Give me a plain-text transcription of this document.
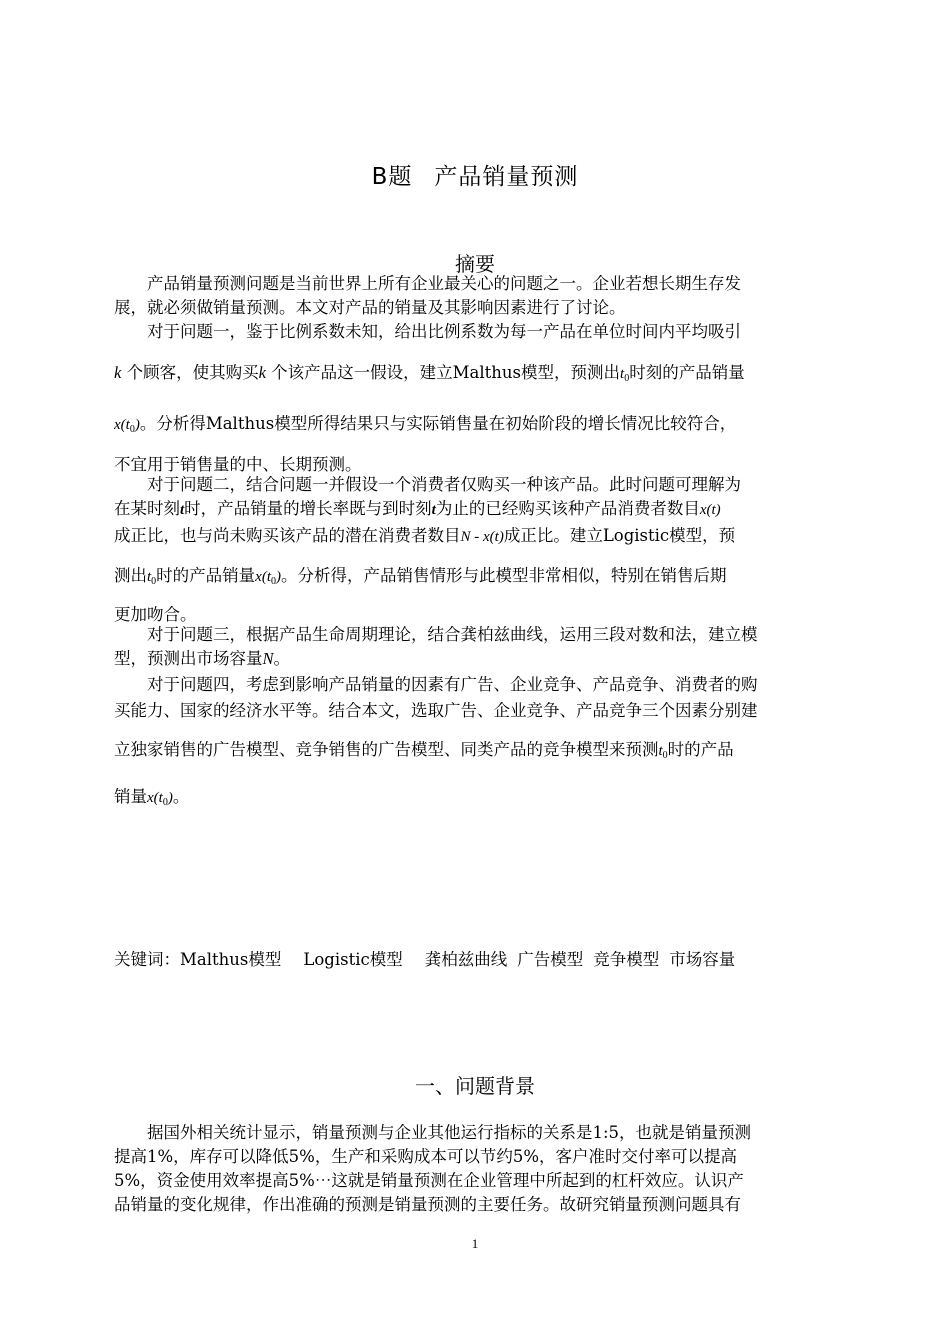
B题 产品销量预测
摘要
产品销量预测问题是当前世界上所有企业最关心的问题之一。企业若想长期生存发
展，就必须做销量预测。本文对产品的销量及其影响因素进行了讨论。
对于问题一，鉴于比例系数未知，给出比例系数为每一产品在单位时间内平均吸引
k 个顾客，使其购买k 个该产品这一假设，建立Malthus模型，预测出$t_0$时刻的产品销量
$x(t_0)$。分析得Malthus模型所得结果只与实际销售量在初始阶段的增长情况比较符合，
不宜用于销售量的中、长期预测。
对于问题二，结合问题一并假设一个消费者仅购买一种该产品。此时问题可理解为
在某时刻t时，产品销量的增长率既与到时刻t为止的已经购买该种产品消费者数目x(t)
成正比，也与尚未购买该产品的潜在消费者数目N - x(t)成正比。建立Logistic模型，预
测出$t_0$时的产品销量$x(t_0)$。分析得，产品销售情形与此模型非常相似，特别在销售后期
更加吻合。
对于问题三，根据产品生命周期理论，结合龚柏兹曲线，运用三段对数和法，建立模
型，预测出市场容量N。
对于问题四，考虑到影响产品销量的因素有广告、企业竞争、产品竞争、消费者的购
买能力、国家的经济水平等。结合本文，选取广告、企业竞争、产品竞争三个因素分别建
立独家销售的广告模型、竞争销售的广告模型、同类产品的竞争模型来预测$t_0$时的产品
销量$x(t_0)$。
关键词：Malthus模型 Logistic模型 龚柏兹曲线 广告模型 竞争模型 市场容量
一、问题背景
据国外相关统计显示，销量预测与企业其他运行指标的关系是1:5，也就是销量预测
提高1%，库存可以降低5%，生产和采购成本可以节约5%，客户准时交付率可以提高
5%，资金使用效率提高5%⋯这就是销量预测在企业管理中所起到的杠杆效应。认识产
品销量的变化规律，作出准确的预测是销量预测的主要任务。故研究销量预测问题具有
1
